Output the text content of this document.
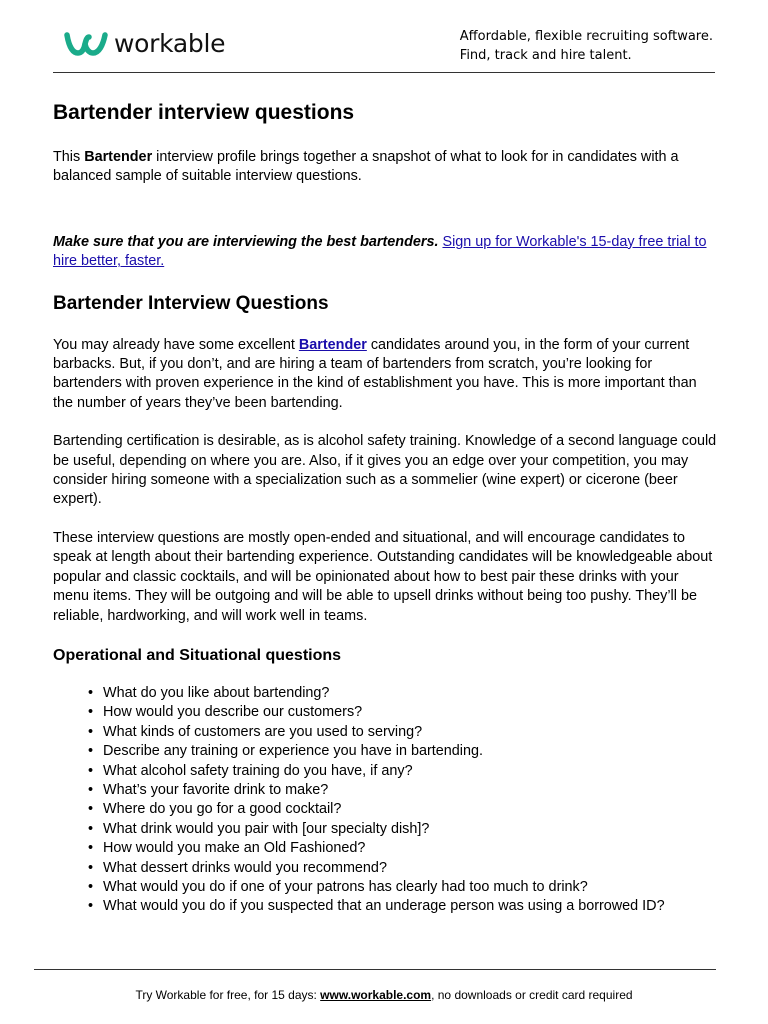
workable	Affordable, flexible recruiting software.
Find, track and hire talent.
Bartender interview questions

This Bartender interview profile brings together a snapshot of what to look for in candidates with a balanced sample of suitable interview questions.

Make sure that you are interviewing the best bartenders. Sign up for Workable's 15-day free trial to hire better, faster.

Bartender Interview Questions

You may already have some excellent Bartender candidates around you, in the form of your current barbacks. But, if you don’t, and are hiring a team of bartenders from scratch, you’re looking for bartenders with proven experience in the kind of establishment you have. This is more important than the number of years they’ve been bartending.

Bartending certification is desirable, as is alcohol safety training. Knowledge of a second language could be useful, depending on where you are. Also, if it gives you an edge over your competition, you may consider hiring someone with a specialization such as a sommelier (wine expert) or cicerone (beer expert).

These interview questions are mostly open-ended and situational, and will encourage candidates to speak at length about their bartending experience. Outstanding candidates will be knowledgeable about popular and classic cocktails, and will be opinionated about how to best pair these drinks with your menu items. They will be outgoing and will be able to upsell drinks without being too pushy. They’ll be reliable, hardworking, and will work well in teams.

Operational and Situational questions
• What do you like about bartending?
• How would you describe our customers?
• What kinds of customers are you used to serving?
• Describe any training or experience you have in bartending.
• What alcohol safety training do you have, if any?
• What’s your favorite drink to make?
• Where do you go for a good cocktail?
• What drink would you pair with [our specialty dish]?
• How would you make an Old Fashioned?
• What dessert drinks would you recommend?
• What would you do if one of your patrons has clearly had too much to drink?
• What would you do if you suspected that an underage person was using a borrowed ID?
Try Workable for free, for 15 days: www.workable.com, no downloads or credit card required
